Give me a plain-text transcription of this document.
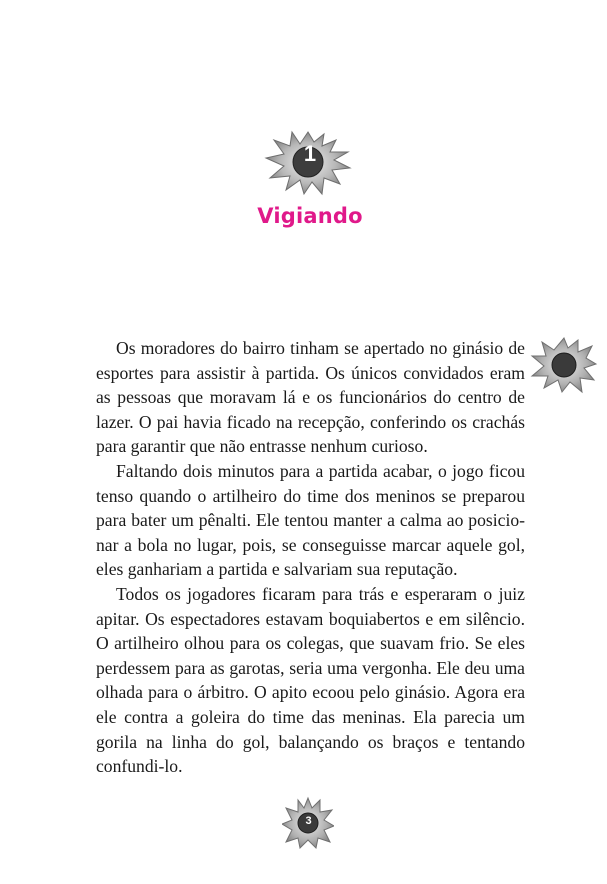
1
Vigiando

Os moradores do bairro tinham se apertado no ginásio de esportes para assistir à partida. Os únicos convidados eram as pessoas que moravam lá e os funcionários do centro de lazer. O pai havia ficado na recepção, conferindo os crachás para garantir que não entrasse nenhum curioso.

Faltando dois minutos para a partida acabar, o jogo ficou tenso quando o artilheiro do time dos meninos se preparou para bater um pênalti. Ele tentou manter a calma ao posicionar a bola no lugar, pois, se conseguisse marcar aquele gol, eles ganhariam a partida e salvariam sua reputação.

Todos os jogadores ficaram para trás e esperaram o juiz apitar. Os espectadores estavam boquiabertos e em silêncio. O artilheiro olhou para os colegas, que suavam frio. Se eles perdessem para as garotas, seria uma vergonha. Ele deu uma olhada para o árbitro. O apito ecoou pelo ginásio. Agora era ele contra a goleira do time das meninas. Ela parecia um gorila na linha do gol, balançando os braços e tentando confundi-lo.

3
